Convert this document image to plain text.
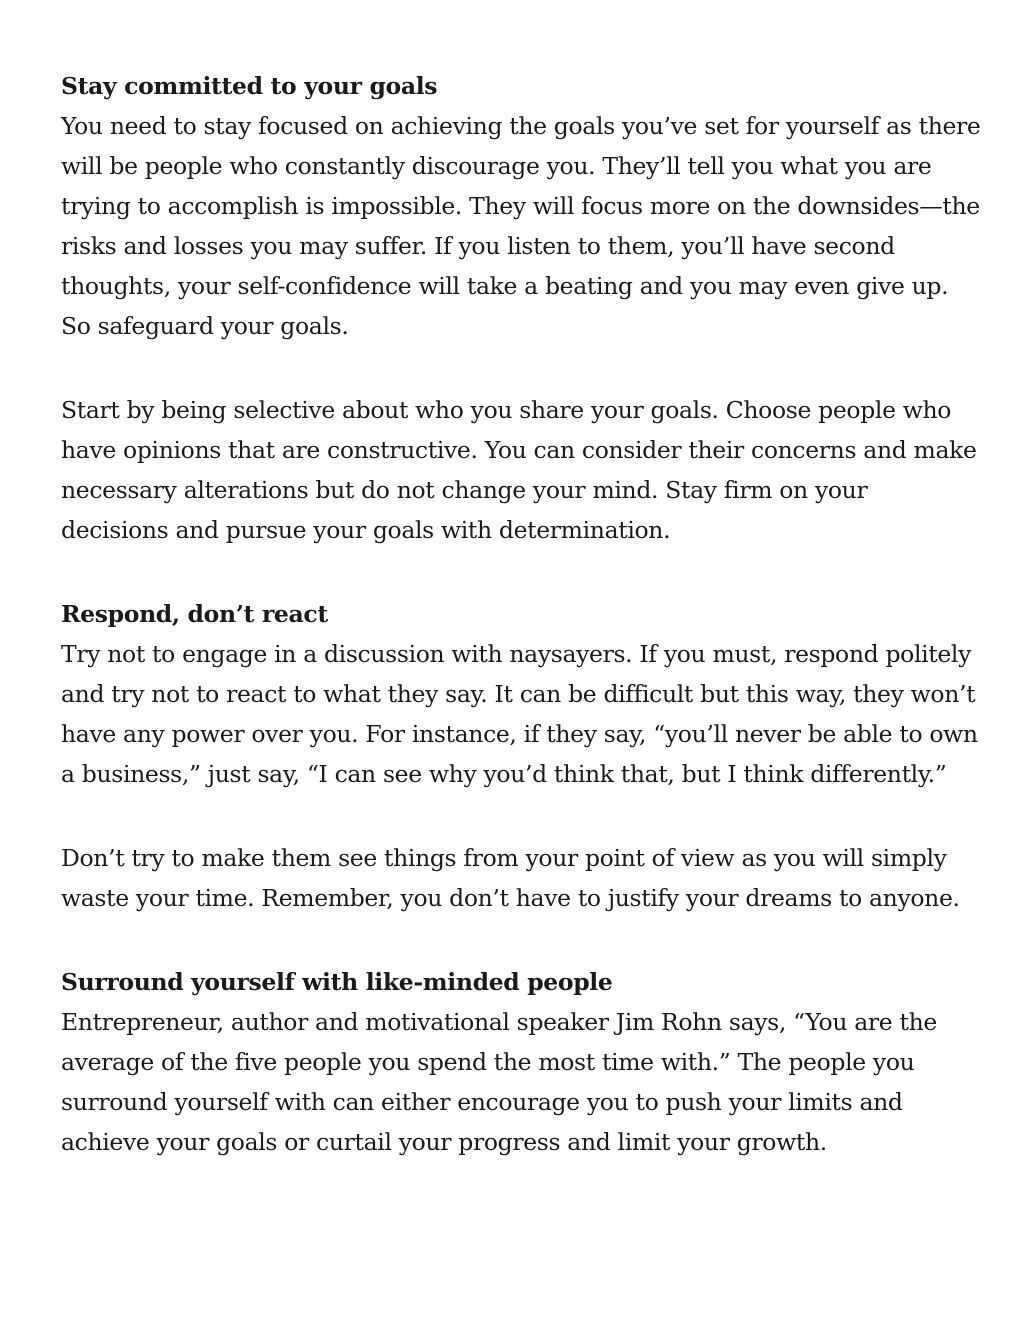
Stay committed to your goals

You need to stay focused on achieving the goals you’ve set for yourself as there will be people who constantly discourage you. They’ll tell you what you are trying to accomplish is impossible. They will focus more on the downsides—the risks and losses you may suffer. If you listen to them, you’ll have second thoughts, your self-confidence will take a beating and you may even give up. So safeguard your goals.

Start by being selective about who you share your goals. Choose people who have opinions that are constructive. You can consider their concerns and make necessary alterations but do not change your mind. Stay firm on your decisions and pursue your goals with determination.

Respond, don’t react

Try not to engage in a discussion with naysayers. If you must, respond politely and try not to react to what they say. It can be difficult but this way, they won’t have any power over you. For instance, if they say, “you’ll never be able to own a business,” just say, “I can see why you’d think that, but I think differently.”

Don’t try to make them see things from your point of view as you will simply waste your time. Remember, you don’t have to justify your dreams to anyone.

Surround yourself with like-minded people

Entrepreneur, author and motivational speaker Jim Rohn says, “You are the average of the five people you spend the most time with.” The people you surround yourself with can either encourage you to push your limits and achieve your goals or curtail your progress and limit your growth.
